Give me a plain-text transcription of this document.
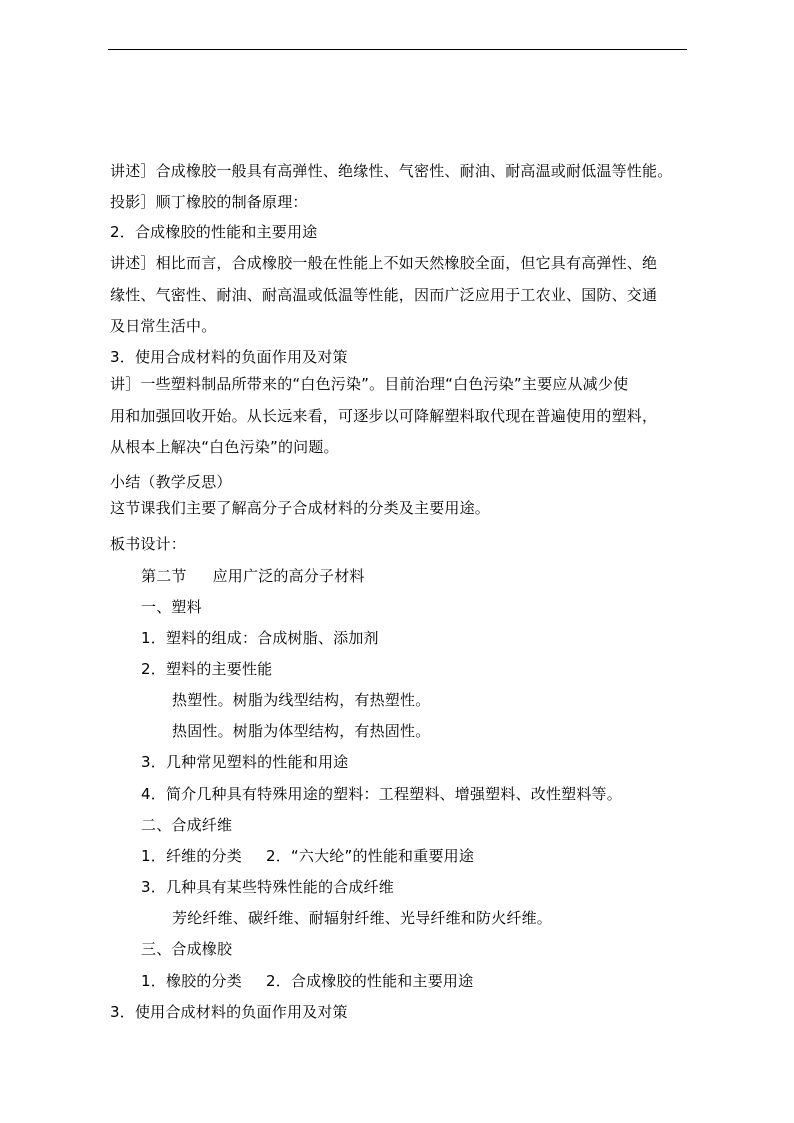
讲述］合成橡胶一般具有高弹性、绝缘性、气密性、耐油、耐高温或耐低温等性能。
投影］顺丁橡胶的制备原理：
2．合成橡胶的性能和主要用途
讲述］相比而言，合成橡胶一般在性能上不如天然橡胶全面，但它具有高弹性、绝
缘性、气密性、耐油、耐高温或低温等性能，因而广泛应用于工农业、国防、交通
及日常生活中。
3．使用合成材料的负面作用及对策
讲］一些塑料制品所带来的“白色污染”。目前治理“白色污染”主要应从减少使
用和加强回收开始。从长远来看，可逐步以可降解塑料取代现在普遍使用的塑料，
从根本上解决“白色污染”的问题。
小结（教学反思）
这节课我们主要了解高分子合成材料的分类及主要用途。
板书设计：
第二节 应用广泛的高分子材料
一、塑料
1．塑料的组成：合成树脂、添加剂
2．塑料的主要性能
热塑性。树脂为线型结构，有热塑性。
热固性。树脂为体型结构，有热固性。
3．几种常见塑料的性能和用途
4．简介几种具有特殊用途的塑料：工程塑料、增强塑料、改性塑料等。
二、合成纤维
1．纤维的分类 2．“六大纶”的性能和重要用途
3．几种具有某些特殊性能的合成纤维
芳纶纤维、碳纤维、耐辐射纤维、光导纤维和防火纤维。
三、合成橡胶
1．橡胶的分类 2．合成橡胶的性能和主要用途
3．使用合成材料的负面作用及对策
